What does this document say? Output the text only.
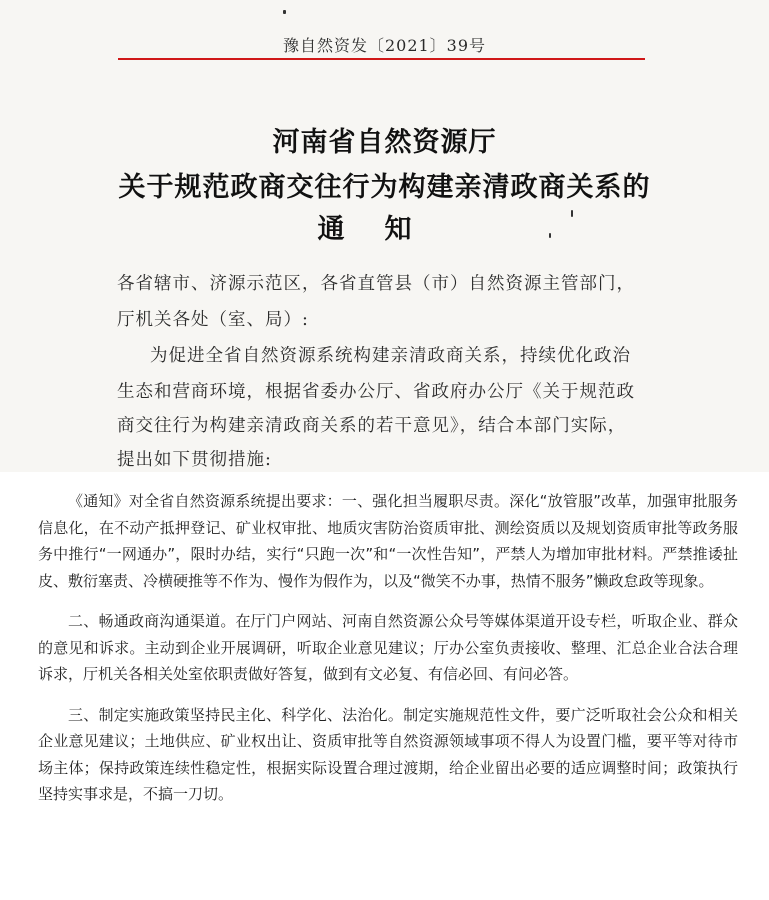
豫自然资发〔2021〕39号
河南省自然资源厅
关于规范政商交往行为构建亲清政商关系的
通知
各省辖市、济源示范区，各省直管县（市）自然资源主管部门，
厅机关各处（室、局）:
为促进全省自然资源系统构建亲清政商关系，持续优化政治
生态和营商环境，根据省委办公厅、省政府办公厅《关于规范政
商交往行为构建亲清政商关系的若干意见》，结合本部门实际，
提出如下贯彻措施:

《通知》对全省自然资源系统提出要求：一、强化担当履职尽责。深化“放管服”改革，加强审批服务信息化，在不动产抵押登记、矿业权审批、地质灾害防治资质审批、测绘资质以及规划资质审批等政务服务中推行“一网通办”，限时办结，实行“只跑一次”和“一次性告知”，严禁人为增加审批材料。严禁推诿扯皮、敷衍塞责、冷横硬推等不作为、慢作为假作为，以及“微笑不办事，热情不服务”懒政怠政等现象。

二、畅通政商沟通渠道。在厅门户网站、河南自然资源公众号等媒体渠道开设专栏，听取企业、群众的意见和诉求。主动到企业开展调研，听取企业意见建议；厅办公室负责接收、整理、汇总企业合法合理诉求，厅机关各相关处室依职责做好答复，做到有文必复、有信必回、有问必答。

三、制定实施政策坚持民主化、科学化、法治化。制定实施规范性文件，要广泛听取社会公众和相关企业意见建议；土地供应、矿业权出让、资质审批等自然资源领域事项不得人为设置门槛，要平等对待市场主体；保持政策连续性稳定性，根据实际设置合理过渡期，给企业留出必要的适应调整时间；政策执行坚持实事求是，不搞一刀切。
